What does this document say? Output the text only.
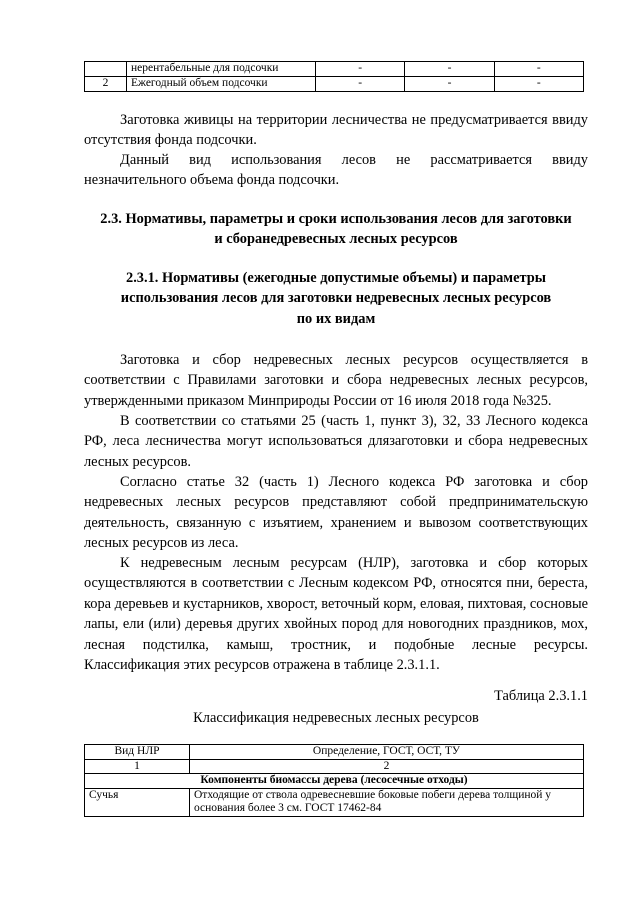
	нерентабельные для подсочки	-	-	-
2	Ежегодный объем подсочки	-	-	-

Заготовка живицы на территории лесничества не предусматривается ввиду отсутствия фонда подсочки.

Данный вид использования лесов не рассматривается ввиду незначительного объема фонда подсочки.

2.3. Нормативы, параметры и сроки использования лесов для заготовки
и сборанедревесных лесных ресурсов
2.3.1. Нормативы (ежегодные допустимые объемы) и параметры
использования лесов для заготовки недревесных лесных ресурсов
по их видам

Заготовка и сбор недревесных лесных ресурсов осуществляется в соответствии с Правилами заготовки и сбора недревесных лесных ресурсов, утвержденными приказом Минприроды России от 16 июля 2018 года №325.

В соответствии со статьями 25 (часть 1, пункт 3), 32, 33 Лесного кодекса РФ, леса лесничества могут использоваться длязаготовки и сбора недревесных лесных ресурсов.

Согласно статье 32 (часть 1) Лесного кодекса РФ заготовка и сбор недревесных лесных ресурсов представляют собой предпринимательскую деятельность, связанную с изъятием, хранением и вывозом соответствующих лесных ресурсов из леса.

К недревесным лесным ресурсам (НЛР), заготовка и сбор которых осуществляются в соответствии с Лесным кодексом РФ, относятся пни, береста, кора деревьев и кустарников, хворост, веточный корм, еловая, пихтовая, сосновые лапы, ели (или) деревья других хвойных пород для новогодних праздников, мох, лесная подстилка, камыш, тростник, и подобные лесные ресурсы. Классификация этих ресурсов отражена в таблице 2.3.1.1.

Таблица 2.3.1.1

Классификация недревесных лесных ресурсов

Вид НЛР	Определение, ГОСТ, ОСТ, ТУ
1	2
Компоненты биомассы дерева (лесосечные отходы)	
Сучья	Отходящие от ствола одревесневшие боковые побеги дерева толщиной у основания более 3 см. ГОСТ 17462-84
